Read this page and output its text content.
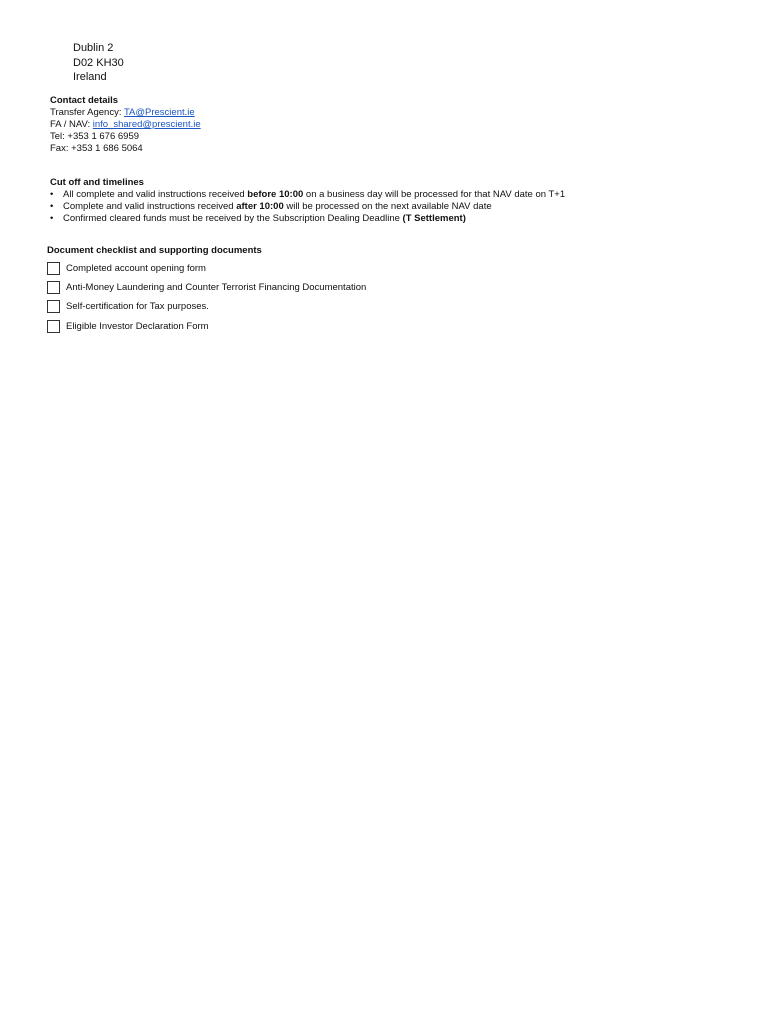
Dublin 2
D02 KH30
Ireland
Contact details
Transfer Agency: TA@Prescient.ie
FA / NAV: info_shared@prescient.ie
Tel: +353 1 676 6959
Fax: +353 1 686 5064
Cut off and timelines
• All complete and valid instructions received before 10:00 on a business day will be processed for that NAV date on T+1
• Complete and valid instructions received after 10:00 will be processed on the next available NAV date
• Confirmed cleared funds must be received by the Subscription Dealing Deadline (T Settlement)
Document checklist and supporting documents
Completed account opening form
Anti-Money Laundering and Counter Terrorist Financing Documentation
Self-certification for Tax purposes.
Eligible Investor Declaration Form
